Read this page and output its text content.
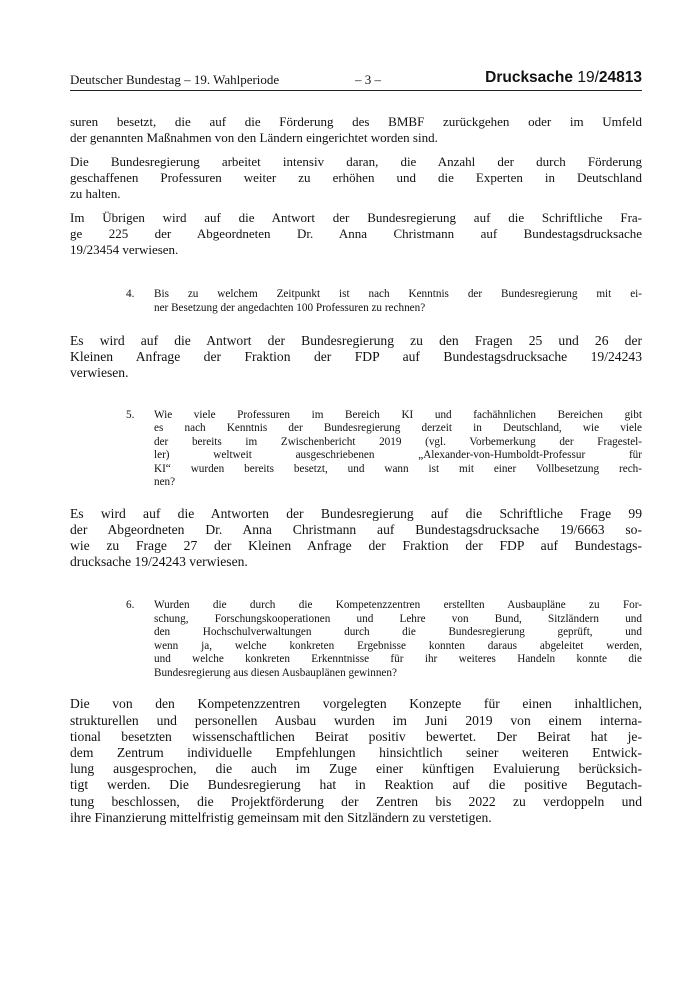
Deutscher Bundestag – 19. Wahlperiode	– 3 –	Drucksache 19/24813

suren besetzt, die auf die Förderung des BMBF zurückgehen oder im Umfeld
der genannten Maßnahmen von den Ländern eingerichtet worden sind.

Die Bundesregierung arbeitet intensiv daran, die Anzahl der durch Förderung
geschaffenen Professuren weiter zu erhöhen und die Experten in Deutschland
zu halten.

Im Übrigen wird auf die Antwort der Bundesregierung auf die Schriftliche Fra-
ge 225 der Abgeordneten Dr. Anna Christmann auf Bundestagsdrucksache
19/23454 verwiesen.

4. Bis zu welchem Zeitpunkt ist nach Kenntnis der Bundesregierung mit ei-
ner Besetzung der angedachten 100 Professuren zu rechnen?

Es wird auf die Antwort der Bundesregierung zu den Fragen 25 und 26 der
Kleinen Anfrage der Fraktion der FDP auf Bundestagsdrucksache 19/24243
verwiesen.

5. Wie viele Professuren im Bereich KI und fachähnlichen Bereichen gibt
es nach Kenntnis der Bundesregierung derzeit in Deutschland, wie viele
der bereits im Zwischenbericht 2019 (vgl. Vorbemerkung der Fragestel-
ler) weltweit ausgeschriebenen „Alexander-von-Humboldt-Professur für
KI“ wurden bereits besetzt, und wann ist mit einer Vollbesetzung rech-
nen?

Es wird auf die Antworten der Bundesregierung auf die Schriftliche Frage 99
der Abgeordneten Dr. Anna Christmann auf Bundestagsdrucksache 19/6663 so-
wie zu Frage 27 der Kleinen Anfrage der Fraktion der FDP auf Bundestags-
drucksache 19/24243 verwiesen.

6. Wurden die durch die Kompetenzzentren erstellten Ausbaupläne zu For-
schung, Forschungskooperationen und Lehre von Bund, Sitzländern und
den Hochschulverwaltungen durch die Bundesregierung geprüft, und
wenn ja, welche konkreten Ergebnisse konnten daraus abgeleitet werden,
und welche konkreten Erkenntnisse für ihr weiteres Handeln konnte die
Bundesregierung aus diesen Ausbauplänen gewinnen?

Die von den Kompetenzzentren vorgelegten Konzepte für einen inhaltlichen,
strukturellen und personellen Ausbau wurden im Juni 2019 von einem interna-
tional besetzten wissenschaftlichen Beirat positiv bewertet. Der Beirat hat je-
dem Zentrum individuelle Empfehlungen hinsichtlich seiner weiteren Entwick-
lung ausgesprochen, die auch im Zuge einer künftigen Evaluierung berücksich-
tigt werden. Die Bundesregierung hat in Reaktion auf die positive Begutach-
tung beschlossen, die Projektförderung der Zentren bis 2022 zu verdoppeln und
ihre Finanzierung mittelfristig gemeinsam mit den Sitzländern zu verstetigen.
